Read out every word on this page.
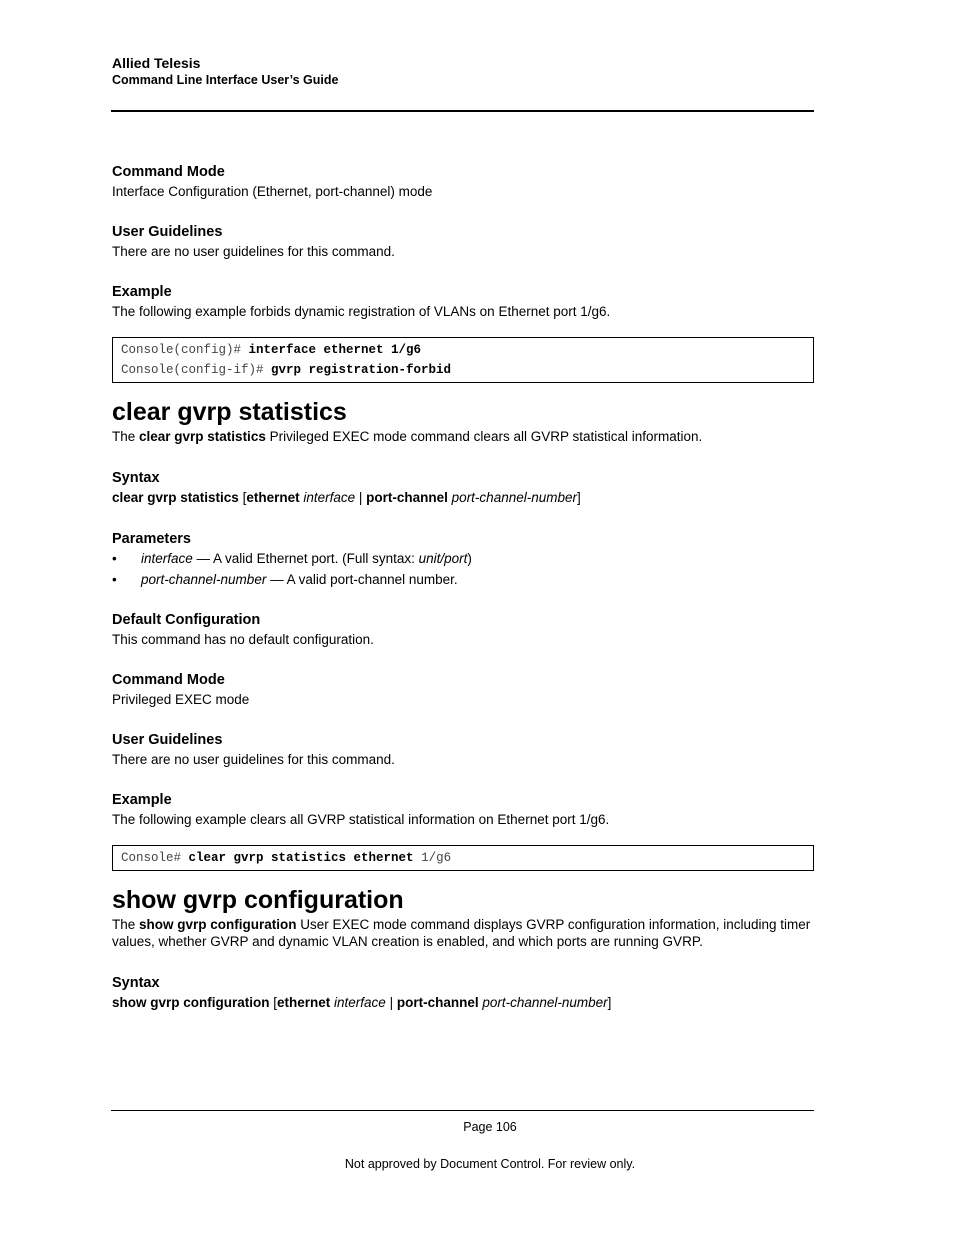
Allied Telesis
Command Line Interface User’s Guide
Command Mode

Interface Configuration (Ethernet, port-channel) mode

User Guidelines

There are no user guidelines for this command.

Example

The following example forbids dynamic registration of VLANs on Ethernet port 1/g6.

Console(config)# interface ethernet 1/g6
Console(config-if)# gvrp registration-forbid
clear gvrp statistics

The clear gvrp statistics Privileged EXEC mode command clears all GVRP statistical information.

Syntax

clear gvrp statistics [ethernet interface | port-channel port-channel-number]

Parameters
• interface — A valid Ethernet port. (Full syntax: unit/port)
• port-channel-number — A valid port-channel number.
Default Configuration

This command has no default configuration.

Command Mode

Privileged EXEC mode

User Guidelines

There are no user guidelines for this command.

Example

The following example clears all GVRP statistical information on Ethernet port 1/g6.

Console# clear gvrp statistics ethernet 1/g6
show gvrp configuration

The show gvrp configuration User EXEC mode command displays GVRP configuration information, including timer values, whether GVRP and dynamic VLAN creation is enabled, and which ports are running GVRP.

Syntax

show gvrp configuration [ethernet interface | port-channel port-channel-number]

Page 106
Not approved by Document Control. For review only.
